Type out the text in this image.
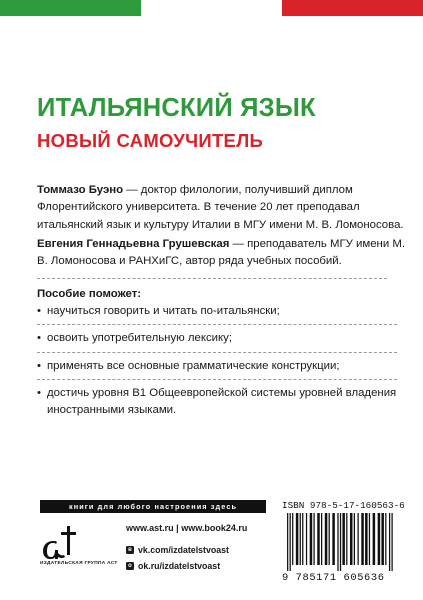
ИТАЛЬЯНСКИЙ ЯЗЫК
НОВЫЙ САМОУЧИТЕЛЬ

Томмазо Буэно — доктор филологии, получивший диплом Флорентийского университета. В течение 20 лет преподавал итальянский язык и культуру Италии в МГУ имени М. В. Ломоносова.

Евгения Геннадьевна Грушевская — преподаватель МГУ имени М. В. Ломоносова и РАНХиГС, автор ряда учебных пособий.

Пособие поможет:
• научиться говорить и читать по-итальянски;
• освоить употребительную лексику;
• применять все основные грамматические конструкции;
• достичь уровня В1 Общеевропейской системы уровней владения иностранными языками.
книги для любого настроения здесь
ИЗДАТЕЛЬСКАЯ ГРУППА АСТ
www.ast.ru | www.book24.ru
в vk.com/izdatelstvoast
о ok.ru/izdatelstvoast
ISBN 978-5-17-160563-6
9 785171 605636
